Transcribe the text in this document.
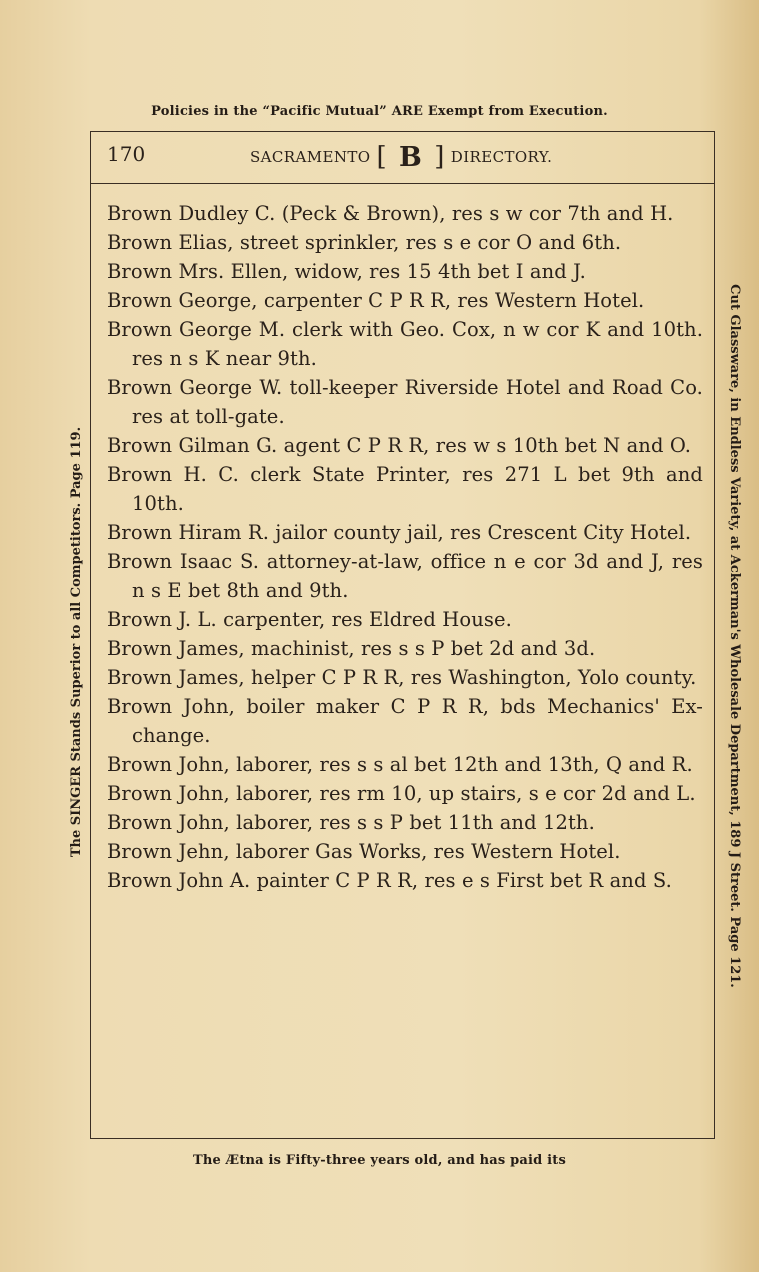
Policies in the “Pacific Mutual” ARE Exempt from Execution.
The SINGER Stands Superior to all Competitors. Page 119.	Cut Glassware, in Endless Variety, at Ackerman's Wholesale Department, 189 J Street. Page 121.
170	SACRAMENTO [ B ] DIRECTORY.
Brown Dudley C. (Peck & Brown), res s w cor 7th and H.
Brown Elias, street sprinkler, res s e cor O and 6th.
Brown Mrs. Ellen, widow, res 15 4th bet I and J.
Brown George, carpenter C P R R, res Western Hotel.
Brown George M. clerk with Geo. Cox, n w cor K and 10th. res n s K near 9th.
Brown George W. toll-keeper Riverside Hotel and Road Co. res at toll-gate.
Brown Gilman G. agent C P R R, res w s 10th bet N and O.
Brown H. C. clerk State Printer, res 271 L bet 9th and 10th.
Brown Hiram R. jailor county jail, res Crescent City Hotel.
Brown Isaac S. attorney-at-law, office n e cor 3d and J, res n s E bet 8th and 9th.
Brown J. L. carpenter, res Eldred House.
Brown James, machinist, res s s P bet 2d and 3d.
Brown James, helper C P R R, res Washington, Yolo county.
Brown John, boiler maker C P R R, bds Mechanics' Ex-change.
Brown John, laborer, res s s al bet 12th and 13th, Q and R.
Brown John, laborer, res rm 10, up stairs, s e cor 2d and L.
Brown John, laborer, res s s P bet 11th and 12th.
Brown Jehn, laborer Gas Works, res Western Hotel.
Brown John A. painter C P R R, res e s First bet R and S.
The Ætna is Fifty-three years old, and has paid its
